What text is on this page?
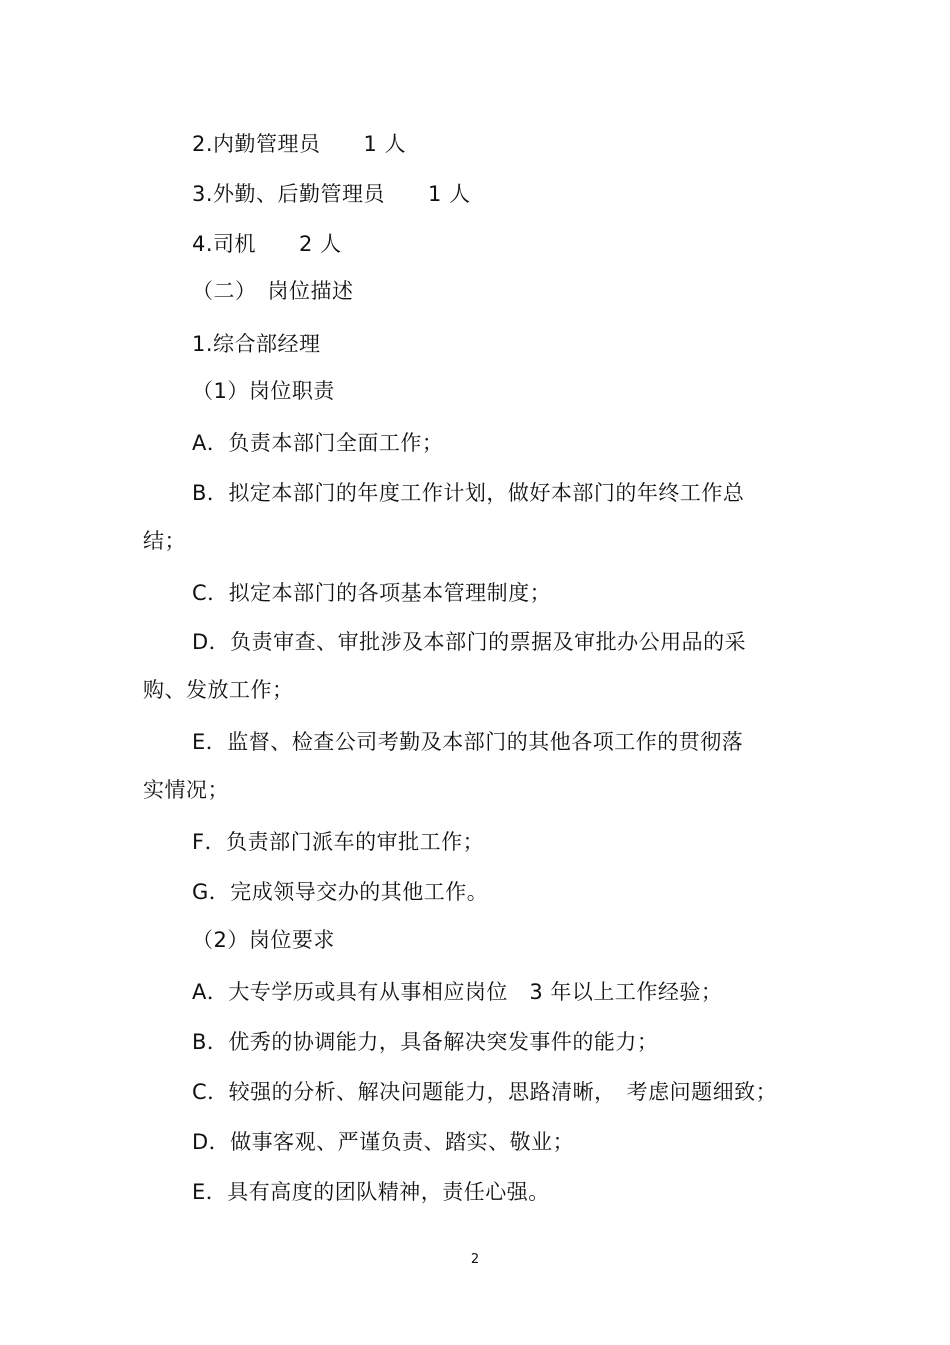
2.内勤管理员　　1 人
3.外勤、后勤管理员　　1 人
4.司机　　2 人
（二）　岗位描述
1.综合部经理
（1）岗位职责
A．负责本部门全面工作；
B．拟定本部门的年度工作计划，做好本部门的年终工作总
结；
C．拟定本部门的各项基本管理制度；
D．负责审查、审批涉及本部门的票据及审批办公用品的采
购、发放工作；
E．监督、检查公司考勤及本部门的其他各项工作的贯彻落
实情况；
F．负责部门派车的审批工作；
G．完成领导交办的其他工作。
（2）岗位要求
A．大专学历或具有从事相应岗位　3 年以上工作经验；
B．优秀的协调能力，具备解决突发事件的能力；
C．较强的分析、解决问题能力，思路清晰，　考虑问题细致；
D．做事客观、严谨负责、踏实、敬业；
E．具有高度的团队精神，责任心强。
2
